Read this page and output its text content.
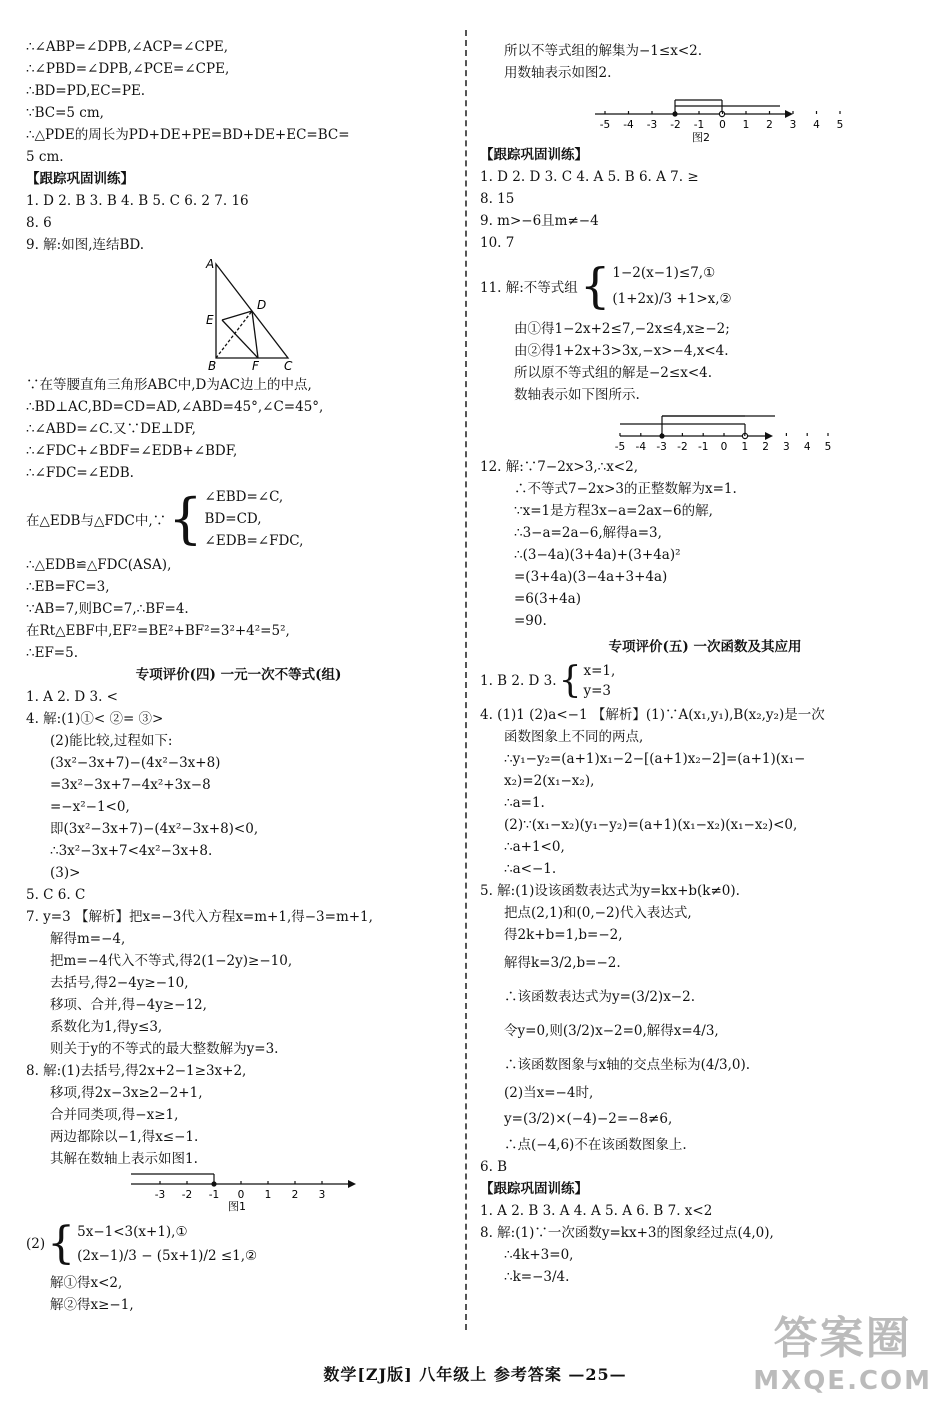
∴∠ABP=∠DPB,∠ACP=∠CPE,
∴∠PBD=∠DPB,∠PCE=∠CPE,
∴BD=PD,EC=PE.
∵BC=5 cm,
∴△PDE的周长为PD+DE+PE=BD+DE+EC=BC=
5 cm.
【跟踪巩固训练】
1. D 2. B 3. B 4. B 5. C 6. 2 7. 16
8. 6
9. 解:如图,连结BD.
A
B	C
D
E
F
∵在等腰直角三角形ABC中,D为AC边上的中点,
∴BD⊥AC,BD=CD=AD,∠ABD=45°,∠C=45°,
∴∠ABD=∠C.又∵DE⊥DF,
∴∠FDC+∠BDF=∠EDB+∠BDF,
∴∠FDC=∠EDB.
在△EDB与△FDC中,∵ { ∠EBD=∠C,
BD=CD,
∠EDB=∠FDC,
∴△EDB≌△FDC(ASA),
∴EB=FC=3,
∵AB=7,则BC=7,∴BF=4.
在Rt△EBF中,EF²=BE²+BF²=3²+4²=5²,
∴EF=5.
专项评价(四) 一元一次不等式(组)
1. A 2. D 3. <
4. 解:(1)①< ②= ③>
(2)能比较,过程如下:
(3x²−3x+7)−(4x²−3x+8)
=3x²−3x+7−4x²+3x−8
=−x²−1<0,
即(3x²−3x+7)−(4x²−3x+8)<0,
∴3x²−3x+7<4x²−3x+8.
(3)>
5. C 6. C
7. y=3 【解析】把x=−3代入方程x=m+1,得−3=m+1,
解得m=−4,
把m=−4代入不等式,得2(1−2y)≥−10,
去括号,得2−4y≥−10,
移项、合并,得−4y≥−12,
系数化为1,得y≤3,
则关于y的不等式的最大整数解为y=3.
8. 解:(1)去括号,得2x+2−1≥3x+2,
移项,得2x−3x≥2−2+1,
合并同类项,得−x≥1,
两边都除以−1,得x≤−1.
其解在数轴上表示如图1.
-3 -2 -1 0 1 2 3
图1
(2) { 5x−1<3(x+1),①
(2x−1)/3 − (5x+1)/2 ≤1,②
解①得x<2,
解②得x≥−1,
所以不等式组的解集为−1≤x<2.
用数轴表示如图2.
-5 -4 -3 -2 -1 0 1 2 3 4 5
图2
【跟踪巩固训练】
1. D 2. D 3. C 4. A 5. B 6. A 7. ≥
8. 15
9. m>−6且m≠−4
10. 7
11. 解:不等式组 { 1−2(x−1)≤7,①
(1+2x)/3 +1>x,②
由①得1−2x+2≤7,−2x≤4,x≥−2;
由②得1+2x+3>3x,−x>−4,x<4.
所以原不等式组的解是−2≤x<4.
数轴表示如下图所示.
-5 -4 -3 -2 -1 0 1 2 3 4 5
12. 解:∵7−2x>3,∴x<2,
∴不等式7−2x>3的正整数解为x=1.
∵x=1是方程3x−a=2ax−6的解,
∴3−a=2a−6,解得a=3,
∴(3−4a)(3+4a)+(3+4a)²
=(3+4a)(3−4a+3+4a)
=6(3+4a)
=90.
专项评价(五) 一次函数及其应用
1. B 2. D 3. { x=1,
y=3
4. (1)1 (2)a<−1 【解析】(1)∵A(x₁,y₁),B(x₂,y₂)是一次
函数图象上不同的两点,
∴y₁−y₂=(a+1)x₁−2−[(a+1)x₂−2]=(a+1)(x₁−
x₂)=2(x₁−x₂),
∴a=1.
(2)∵(x₁−x₂)(y₁−y₂)=(a+1)(x₁−x₂)(x₁−x₂)<0,
∴a+1<0,
∴a<−1.
5. 解:(1)设该函数表达式为y=kx+b(k≠0).
把点(2,1)和(0,−2)代入表达式,
得2k+b=1,b=−2,
解得k=3/2,b=−2.
∴该函数表达式为y=(3/2)x−2.
令y=0,则(3/2)x−2=0,解得x=4/3,
∴该函数图象与x轴的交点坐标为(4/3,0).
(2)当x=−4时,
y=(3/2)×(−4)−2=−8≠6,
∴点(−4,6)不在该函数图象上.
6. B
【跟踪巩固训练】
1. A 2. B 3. A 4. A 5. A 6. B 7. x<2
8. 解:(1)∵一次函数y=kx+3的图象经过点(4,0),
∴4k+3=0,
∴k=−3/4.
数学[ZJ版] 八年级上 参考答案 —25—
答案圈
MXQE.COM
